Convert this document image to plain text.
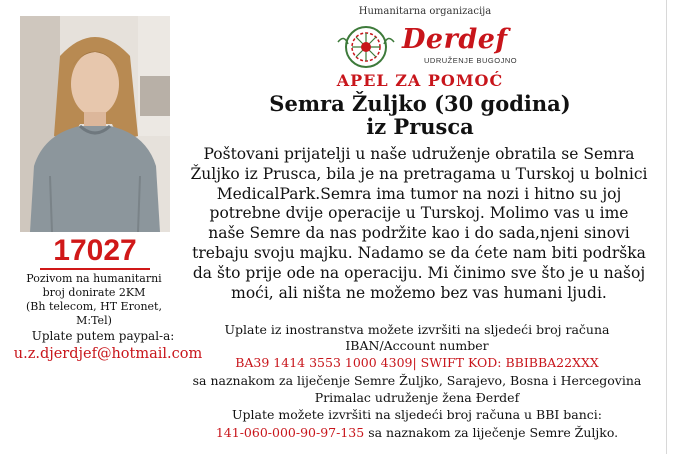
17027
Pozivom na humanitarni
broj donirate 2KM
(Bh telecom, HT Eronet, M:Tel)
Uplate putem paypal-a:
u.z.djerdjef@hotmail.com
Humanitarna organizacija
Derdef
UDRUŽENJE BUGOJNO
APEL ZA POMOĆ
Semra Žuljko (30 godina)
iz Prusca
Poštovani prijatelji u naše udruženje obratila se Semra
Žuljko iz Prusca, bila je na pretragama u Turskoj u bolnici
MedicalPark.Semra ima tumor na nozi i hitno su joj
potrebne dvije operacije u Turskoj. Molimo vas u ime
naše Semre da nas podržite kao i do sada,njeni sinovi
trebaju svoju majku. Nadamo se da ćete nam biti podrška
da što prije ode na operaciju. Mi činimo sve što je u našoj
moći, ali ništa ne možemo bez vas humani ljudi.
Uplate iz inostranstva možete izvršiti na sljedeći broj računa
IBAN/Account number
BA39 1414 3553 1000 4309| SWIFT KOD: BBIBBA22XXX
sa naznakom za liječenje Semre Žuljko, Sarajevo, Bosna i Hercegovina
Primalac udruženje žena Đerdef
Uplate možete izvršiti na sljedeći broj računa u BBI banci:
141-060-000-90-97-135 sa naznakom za liječenje Semre Žuljko.
